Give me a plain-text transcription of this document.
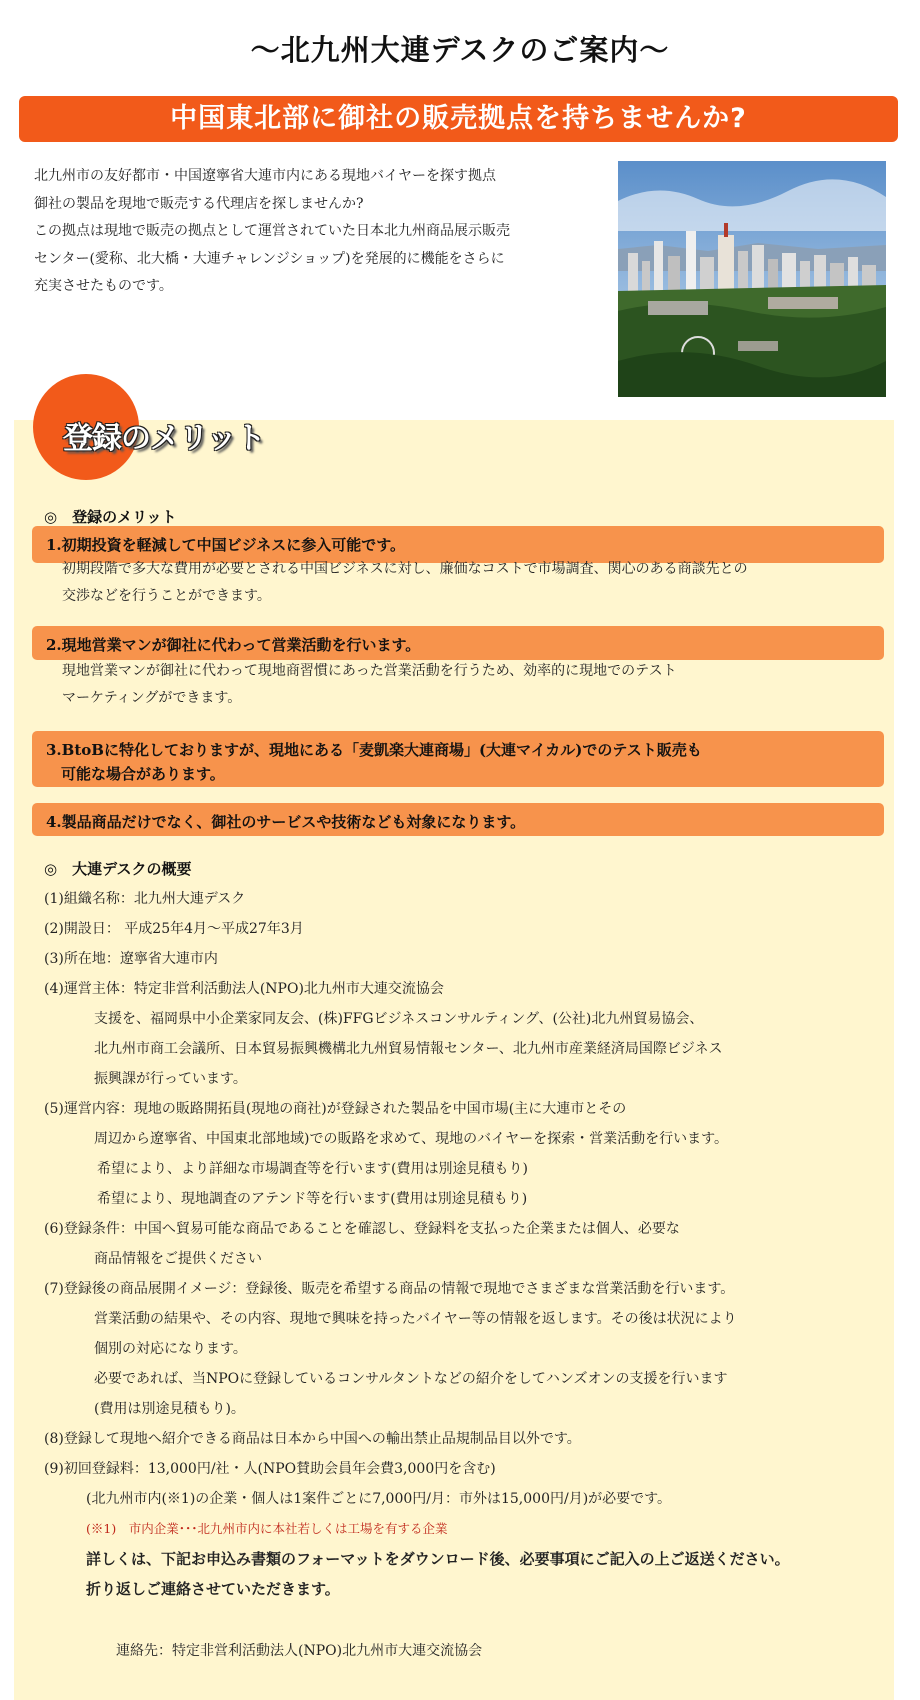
～北九州大連デスクのご案内～
中国東北部に御社の販売拠点を持ちませんか?
北九州市の友好都市・中国遼寧省大連市内にある現地バイヤーを探す拠点
御社の製品を現地で販売する代理店を探しませんか?
この拠点は現地で販売の拠点として運営されていた日本北九州商品展示販売
センター(愛称、北大橋・大連チャレンジショップ)を発展的に機能をさらに
充実させたものです。
登録のメリット
◎　登録のメリット
1.初期投資を軽減して中国ビジネスに参入可能です。
初期段階で多大な費用が必要とされる中国ビジネスに対し、廉価なコストで市場調査、関心のある商談先との
交渉などを行うことができます。
2.現地営業マンが御社に代わって営業活動を行います。
現地営業マンが御社に代わって現地商習慣にあった営業活動を行うため、効率的に現地でのテスト
マーケティングができます。
3.BtoBに特化しておりますが、現地にある「麦凱楽大連商場」(大連マイカル)でのテスト販売も
　可能な場合があります。
4.製品商品だけでなく、御社のサービスや技術なども対象になります。
◎　大連デスクの概要
(1)組織名称：北九州大連デスク
(2)開設日： 平成25年4月～平成27年3月
(3)所在地：遼寧省大連市内
(4)運営主体：特定非営利活動法人(NPO)北九州市大連交流協会
支援を、福岡県中小企業家同友会、(株)FFGビジネスコンサルティング、(公社)北九州貿易協会、
北九州市商工会議所、日本貿易振興機構北九州貿易情報センター、北九州市産業経済局国際ビジネス
振興課が行っています。
(5)運営内容：現地の販路開拓員(現地の商社)が登録された製品を中国市場(主に大連市とその
周辺から遼寧省、中国東北部地域)での販路を求めて、現地のバイヤーを探索・営業活動を行います。
希望により、より詳細な市場調査等を行います(費用は別途見積もり)
希望により、現地調査のアテンド等を行います(費用は別途見積もり)
(6)登録条件：中国へ貿易可能な商品であることを確認し、登録料を支払った企業または個人、必要な
商品情報をご提供ください
(7)登録後の商品展開イメージ：登録後、販売を希望する商品の情報で現地でさまざまな営業活動を行います。
営業活動の結果や、その内容、現地で興味を持ったバイヤー等の情報を返します。その後は状況により
個別の対応になります。
必要であれば、当NPOに登録しているコンサルタントなどの紹介をしてハンズオンの支援を行います
(費用は別途見積もり)。
(8)登録して現地へ紹介できる商品は日本から中国への輸出禁止品規制品目以外です。
(9)初回登録料：13,000円/社・人(NPO賛助会員年会費3,000円を含む)
(北九州市内(※1)の企業・個人は1案件ごとに7,000円/月：市外は15,000円/月)が必要です。
(※1)　市内企業･･･北九州市内に本社若しくは工場を有する企業
詳しくは、下記お申込み書類のフォーマットをダウンロード後、必要事項にご記入の上ご返送ください。
折り返しご連絡させていただきます。
連絡先：特定非営利活動法人(NPO)北九州市大連交流協会
